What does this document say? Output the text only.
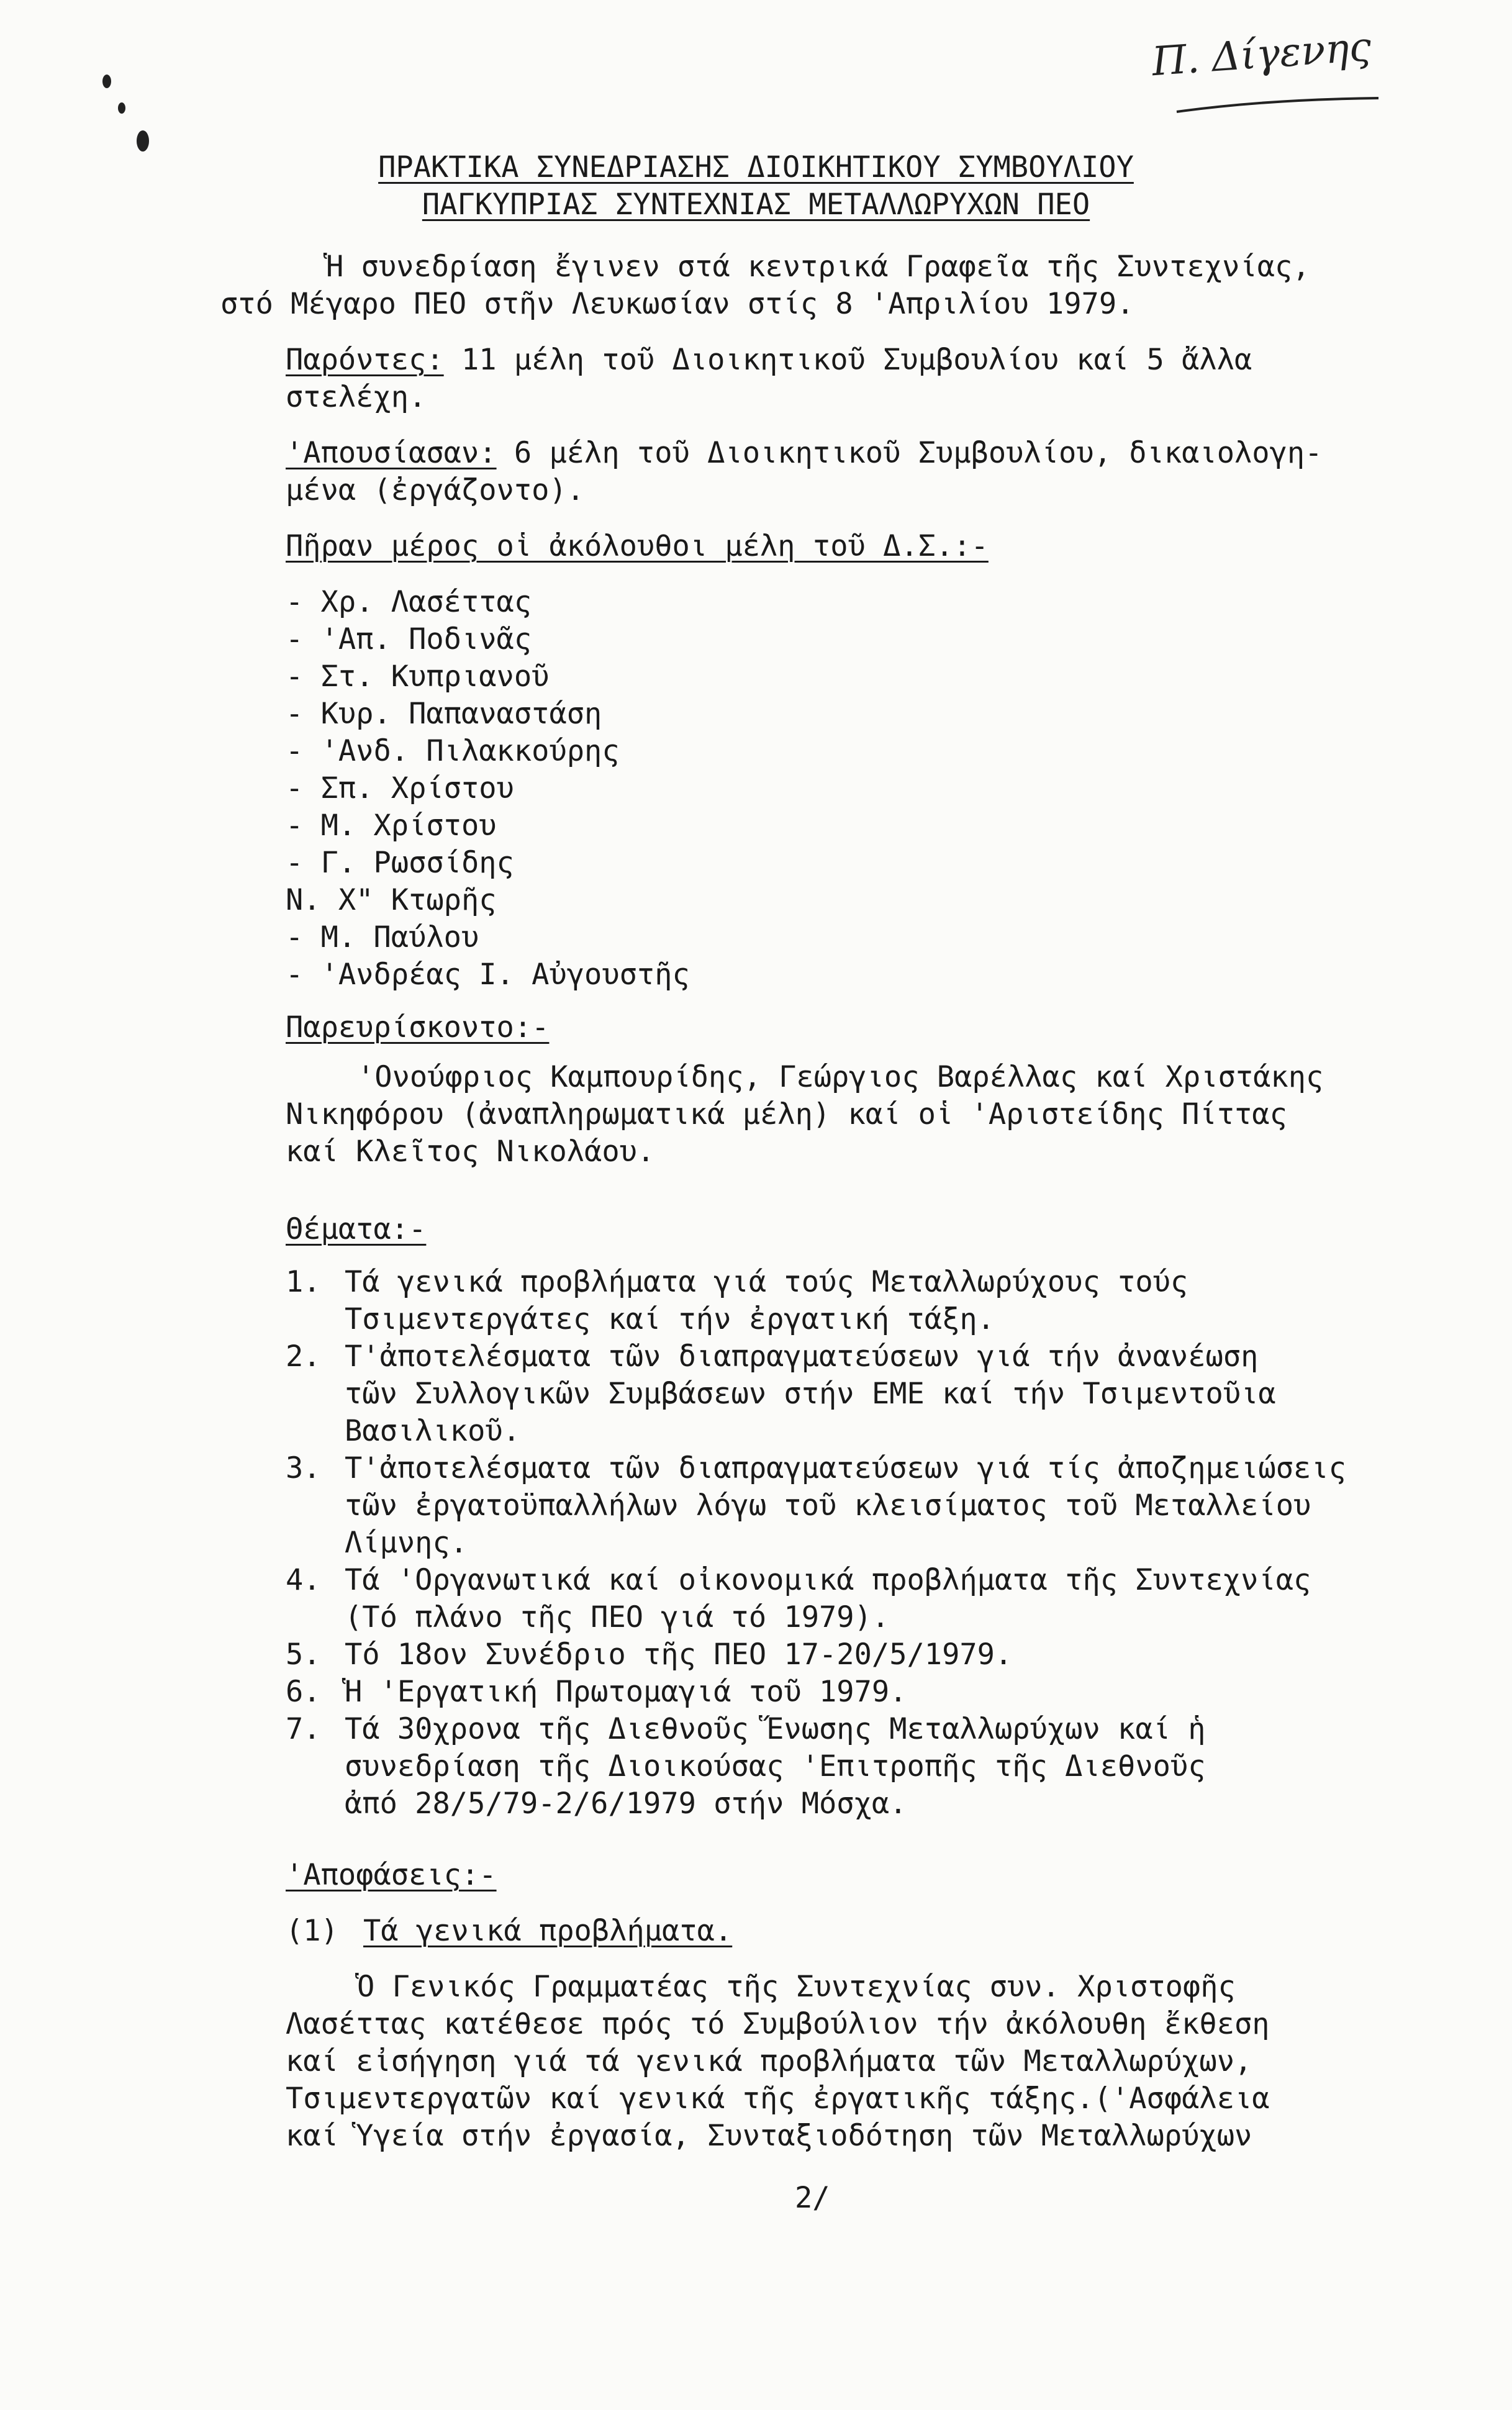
Π. Δίγενης
ΠΡΑΚΤΙΚΑ ΣΥΝΕΔΡΙΑΣΗΣ ΔΙΟΙΚΗΤΙΚΟΥ ΣΥΜΒΟΥΛΙΟΥ
ΠΑΓΚΥΠΡΙΑΣ ΣΥΝΤΕΧΝΙΑΣ ΜΕΤΑΛΛΩΡΥΧΩΝ ΠΕΟ
Ἡ συνεδρίαση ἔγινεν στά κεντρικά Γραφεῖα τῆς Συντεχνίας,
στό Μέγαρο ΠΕΟ στῆν Λευκωσίαν στίς 8 'Απριλίου 1979.
Παρόντες: 11 μέλη τοῦ Διοικητικοῦ Συμβουλίου καί 5 ἄλλα
στελέχη.
'Απουσίασαν: 6 μέλη τοῦ Διοικητικοῦ Συμβουλίου, δικαιολογη-
μένα (ἐργάζοντο).
Πῆραν μέρος οἱ ἀκόλουθοι μέλη τοῦ Δ.Σ.:-
- Χρ. Λασέττας
- 'Απ. Ποδινᾶς
- Στ. Κυπριανοῦ
- Κυρ. Παπαναστάση
- 'Ανδ. Πιλακκούρης
- Σπ. Χρίστου
- Μ. Χρίστου
- Γ. Ρωσσίδης
Ν. Χ" Κτωρῆς
- Μ. Παύλου
- 'Ανδρέας Ι. Αὐγουστῆς
Παρευρίσκοντο:-
'Ονούφριος Καμπουρίδης, Γεώργιος Βαρέλλας καί Χριστάκης
Νικηφόρου (ἀναπληρωματικά μέλη) καί οἱ 'Αριστείδης Πίττας
καί Κλεῖτος Νικολάου.
Θέματα:-
1. Τά γενικά προβλήματα γιά τούς Μεταλλωρύχους τούς
Τσιμεντεργάτες καί τήν ἐργατική τάξη.
2. Τ'ἀποτελέσματα τῶν διαπραγματεύσεων γιά τήν ἀνανέωση
τῶν Συλλογικῶν Συμβάσεων στήν ΕΜΕ καί τήν Τσιμεντοῦια
Βασιλικοῦ.
3. Τ'ἀποτελέσματα τῶν διαπραγματεύσεων γιά τίς ἀποζημειώσεις
τῶν ἐργατοϋπαλλήλων λόγω τοῦ κλεισίματος τοῦ Μεταλλείου
Λίμνης.
4. Τά 'Οργανωτικά καί οἰκονομικά προβλήματα τῆς Συντεχνίας
(Τό πλάνο τῆς ΠΕΟ γιά τό 1979).
5. Τό 18ον Συνέδριο τῆς ΠΕΟ 17-20/5/1979.
6. Ἡ 'Εργατική Πρωτομαγιά τοῦ 1979.
7. Τά 30χρονα τῆς Διεθνοῦς Ἕνωσης Μεταλλωρύχων καί ἡ
συνεδρίαση τῆς Διοικούσας 'Επιτροπῆς τῆς Διεθνοῦς
ἀπό 28/5/79-2/6/1979 στήν Μόσχα.
'Αποφάσεις:-
(1) Τά γενικά προβλήματα.
Ὁ Γενικός Γραμματέας τῆς Συντεχνίας συν. Χριστοφῆς
Λασέττας κατέθεσε πρός τό Συμβούλιον τήν ἀκόλουθη ἔκθεση
καί εἰσήγηση γιά τά γενικά προβλήματα τῶν Μεταλλωρύχων,
Τσιμεντεργατῶν καί γενικά τῆς ἐργατικῆς τάξης.('Ασφάλεια
καί Ὑγεία στήν ἐργασία, Συνταξιοδότηση τῶν Μεταλλωρύχων
2/
